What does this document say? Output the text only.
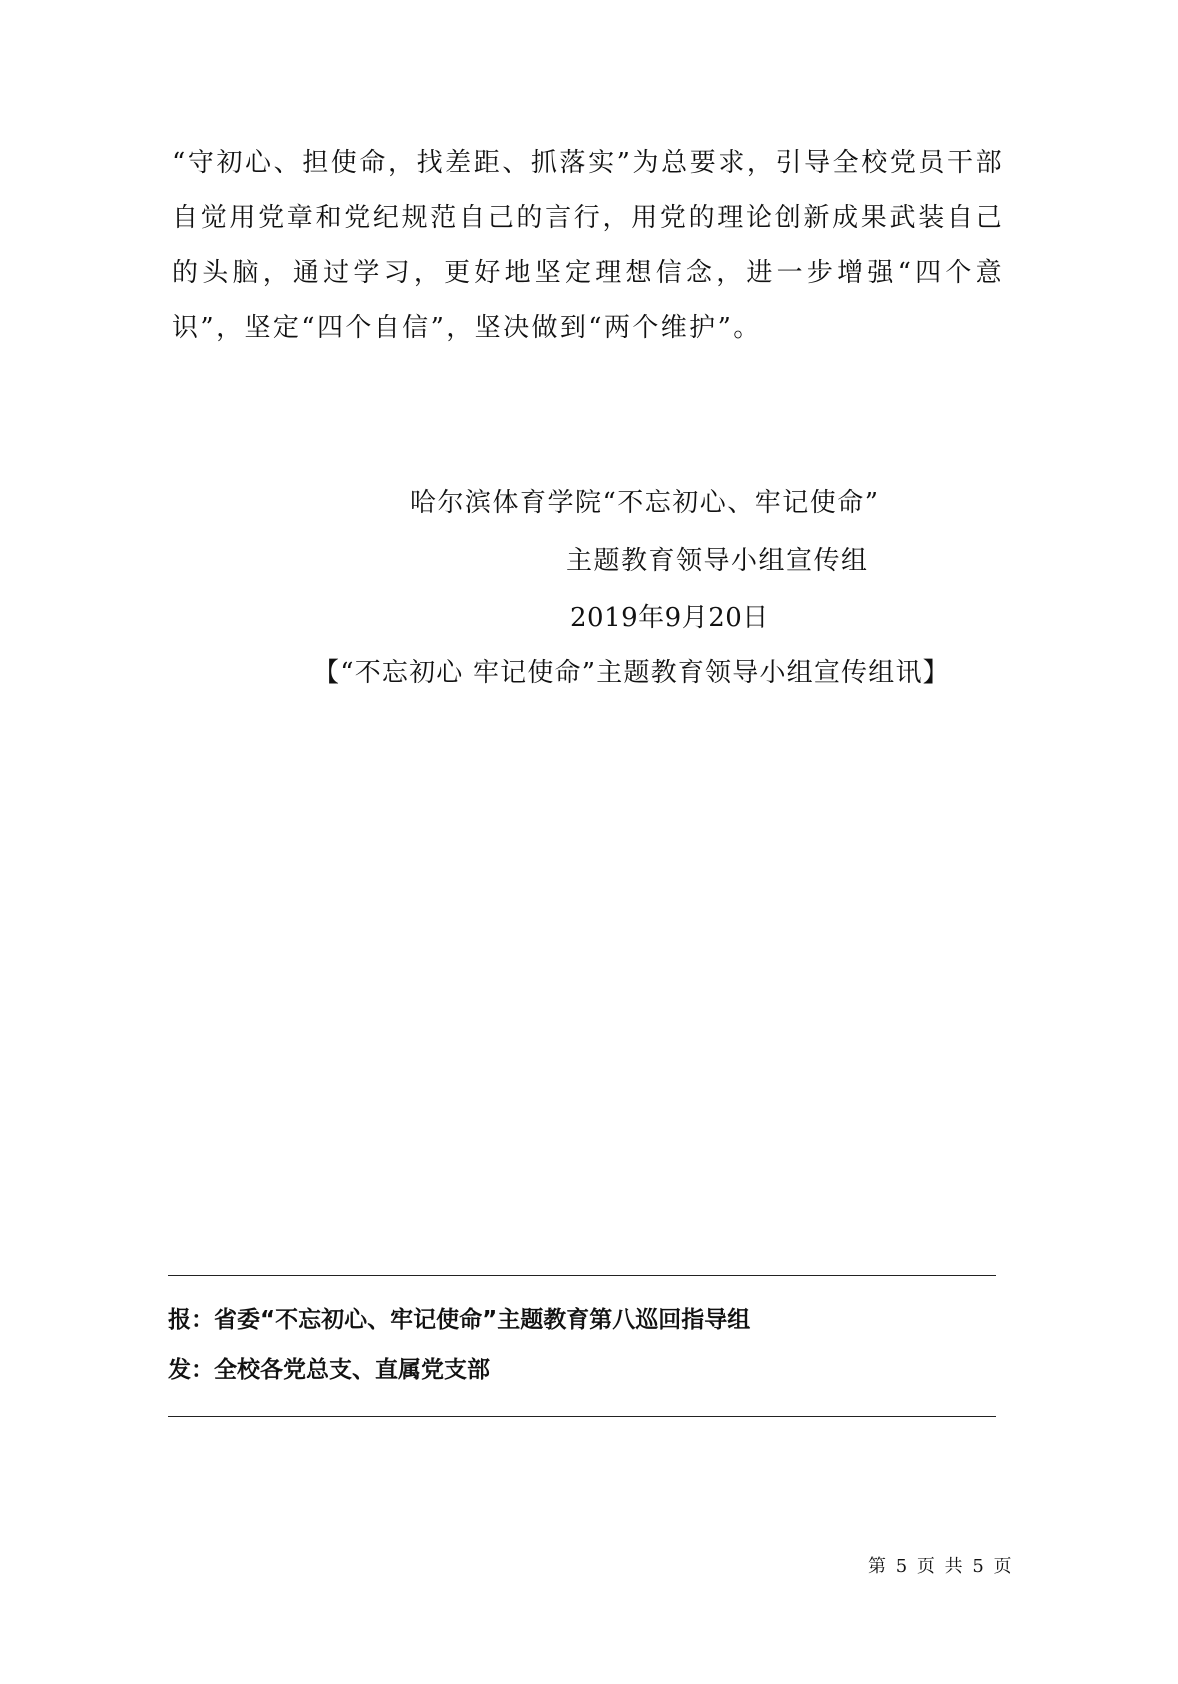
“守初心、担使命，找差距、抓落实”为总要求，引导全校党员干部自觉用党章和党纪规范自己的言行，用党的理论创新成果武装自己的头脑，通过学习，更好地坚定理想信念，进一步增强“四个意识”，坚定“四个自信”，坚决做到“两个维护”。

哈尔滨体育学院“不忘初心、牢记使命”

主题教育领导小组宣传组

2019年9月20日

【“不忘初心 牢记使命”主题教育领导小组宣传组讯】

报：省委“不忘初心、牢记使命”主题教育第八巡回指导组

发：全校各党总支、直属党支部

第 5 页 共 5 页
